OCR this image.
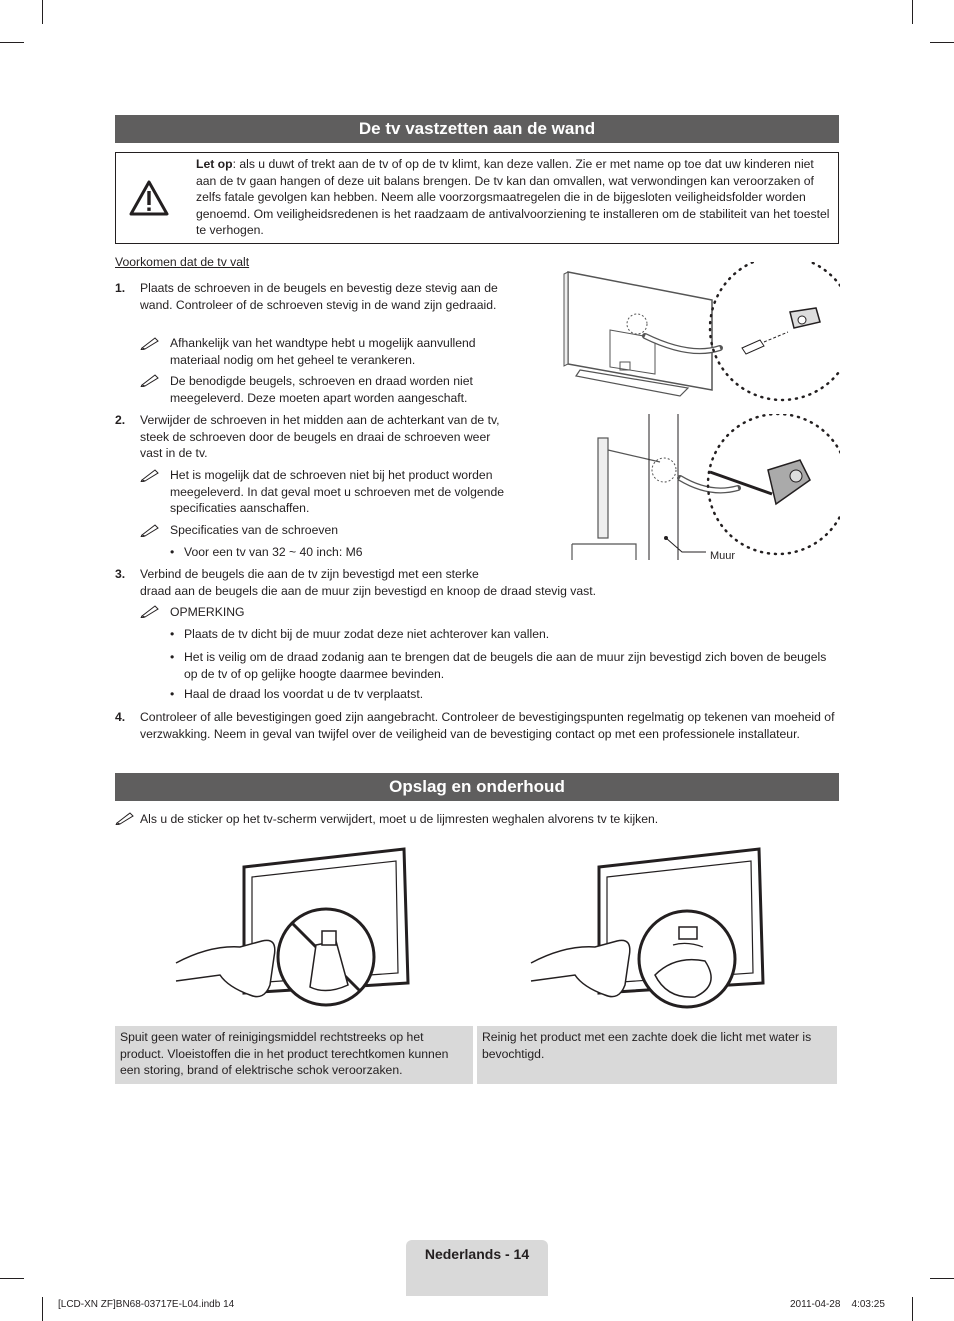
De tv vastzetten aan de wand
Let op: als u duwt of trekt aan de tv of op de tv klimt, kan deze vallen. Zie er met name op toe dat uw kinderen niet aan de tv gaan hangen of deze uit balans brengen. De tv kan dan omvallen, wat verwondingen kan veroorzaken of zelfs fatale gevolgen kan hebben. Neem alle voorzorgsmaatregelen die in de bijgesloten veiligheidsfolder worden genoemd. Om veiligheidsredenen is het raadzaam de antivalvoorziening te installeren om de stabiliteit van het toestel te verhogen.
Voorkomen dat de tv valt
1. Plaats de schroeven in de beugels en bevestig deze stevig aan de wand. Controleer of de schroeven stevig in de wand zijn gedraaid.
Afhankelijk van het wandtype hebt u mogelijk aanvullend materiaal nodig om het geheel te verankeren.
De benodigde beugels, schroeven en draad worden niet meegeleverd. Deze moeten apart worden aangeschaft.
2. Verwijder de schroeven in het midden aan de achterkant van de tv, steek de schroeven door de beugels en draai de schroeven weer vast in de tv.
Het is mogelijk dat de schroeven niet bij het product worden meegeleverd. In dat geval moet u schroeven met de volgende specificaties aanschaffen.
Specificaties van de schroeven
• Voor een tv van 32 ~ 40 inch: M6
3. Verbind de beugels die aan de tv zijn bevestigd met een sterke
draad aan de beugels die aan de muur zijn bevestigd en knoop de draad stevig vast.
OPMERKING
• Plaats de tv dicht bij de muur zodat deze niet achterover kan vallen.
• Het is veilig om de draad zodanig aan te brengen dat de beugels die aan de muur zijn bevestigd zich boven de beugels op de tv of op gelijke hoogte daarmee bevinden.
• Haal de draad los voordat u de tv verplaatst.
4. Controleer of alle bevestigingen goed zijn aangebracht. Controleer de bevestigingspunten regelmatig op tekenen van moeheid of verzwakking. Neem in geval van twijfel over de veiligheid van de bevestiging contact op met een professionele installateur.
Muur
Opslag en onderhoud
Als u de sticker op het tv-scherm verwijdert, moet u de lijmresten weghalen alvorens tv te kijken.
Spuit geen water of reinigingsmiddel rechtstreeks op het product. Vloeistoffen die in het product terechtkomen kunnen een storing, brand of elektrische schok veroorzaken.
Reinig het product met een zachte doek die licht met water is bevochtigd.
Nederlands - 14
[LCD-XN ZF]BN68-03717E-L04.indb 14	2011-04-28    4:03:25
